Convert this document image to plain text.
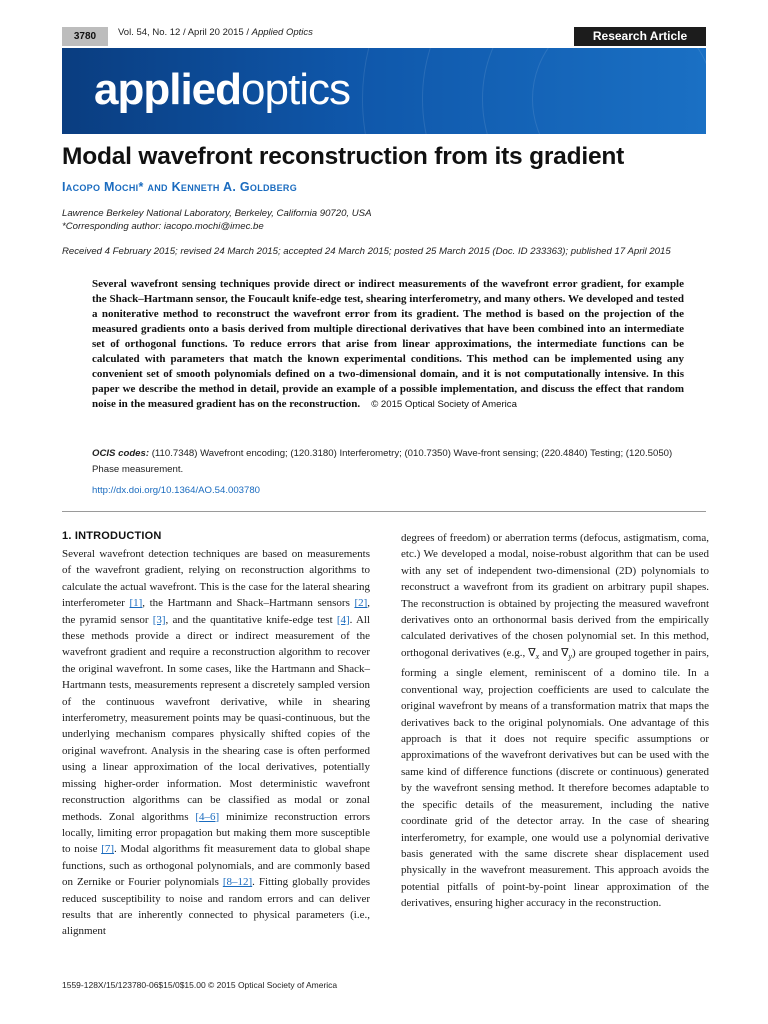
3780	Vol. 54, No. 12 / April 20 2015 / Applied Optics	Research Article
appliedoptics
Modal wavefront reconstruction from its gradient
Iacopo Mochi* and Kenneth A. Goldberg
Lawrence Berkeley National Laboratory, Berkeley, California 90720, USA
*Corresponding author: iacopo.mochi@imec.be
Received 4 February 2015; revised 24 March 2015; accepted 24 March 2015; posted 25 March 2015 (Doc. ID 233363); published 17 April 2015
Several wavefront sensing techniques provide direct or indirect measurements of the wavefront error gradient, for example the Shack–Hartmann sensor, the Foucault knife-edge test, shearing interferometry, and many others. We developed and tested a noniterative method to reconstruct the wavefront error from its gradient. The method is based on the projection of the measured gradients onto a basis derived from multiple directional derivatives that have been combined into an intermediate set of orthogonal functions. To reduce errors that arise from linear approximations, the intermediate functions can be calculated with parameters that match the known experimental conditions. This method can be implemented using any convenient set of smooth polynomials defined on a two-dimensional domain, and it is not computationally intensive. In this paper we describe the method in detail, provide an example of a possible implementation, and discuss the effect that random noise in the measured gradient has on the reconstruction. © 2015 Optical Society of America
OCIS codes: (110.7348) Wavefront encoding; (120.3180) Interferometry; (010.7350) Wave-front sensing; (220.4840) Testing; (120.5050) Phase measurement.
http://dx.doi.org/10.1364/AO.54.003780
1. INTRODUCTION

Several wavefront detection techniques are based on measurements of the wavefront gradient, relying on reconstruction algorithms to calculate the actual wavefront. This is the case for the lateral shearing interferometer [1], the Hartmann and Shack–Hartmann sensors [2], the pyramid sensor [3], and the quantitative knife-edge test [4]. All these methods provide a direct or indirect measurement of the wavefront gradient and require a reconstruction algorithm to recover the original wavefront. In some cases, like the Hartmann and Shack–Hartmann tests, measurements represent a discretely sampled version of the continuous wavefront derivative, while in shearing interferometry, measurement points may be quasi-continuous, but the underlying mechanism compares physically shifted copies of the original wavefront. Analysis in the shearing case is often performed using a linear approximation of the local derivatives, potentially missing higher-order information. Most deterministic wavefront reconstruction algorithms can be classified as modal or zonal methods. Zonal algorithms [4–6] minimize reconstruction errors locally, limiting error propagation but making them more susceptible to noise [7]. Modal algorithms fit measurement data to global shape functions, such as orthogonal polynomials, and are commonly based on Zernike or Fourier polynomials [8–12]. Fitting globally provides reduced susceptibility to noise and random errors and can deliver results that are inherently connected to physical parameters (i.e., alignment

degrees of freedom) or aberration terms (defocus, astigmatism, coma, etc.) We developed a modal, noise-robust algorithm that can be used with any set of independent two-dimensional (2D) polynomials to reconstruct a wavefront from its gradient on arbitrary pupil shapes. The reconstruction is obtained by projecting the measured wavefront derivatives onto an orthonormal basis derived from the empirically calculated derivatives of the chosen polynomial set. In this method, orthogonal derivatives (e.g., $\nabla_x$ and $\nabla_y$) are grouped together in pairs, forming a single element, reminiscent of a domino tile. In a conventional way, projection coefficients are used to calculate the original wavefront by means of a transformation matrix that maps the derivatives back to the original polynomials. One advantage of this approach is that it does not require specific assumptions or approximations of the wavefront derivatives but can be used with the same kind of difference functions (discrete or continuous) generated by the wavefront sensing method. It therefore becomes adaptable to the specific details of the measurement, including the native coordinate grid of the detector array. In the case of shearing interferometry, for example, one would use a polynomial derivative basis generated with the same discrete shear displacement used physically in the wavefront measurement. This approach avoids the potential pitfalls of point-by-point linear approximation of the derivatives, ensuring higher accuracy in the reconstruction.

1559-128X/15/123780-06$15/0$15.00 © 2015 Optical Society of America
